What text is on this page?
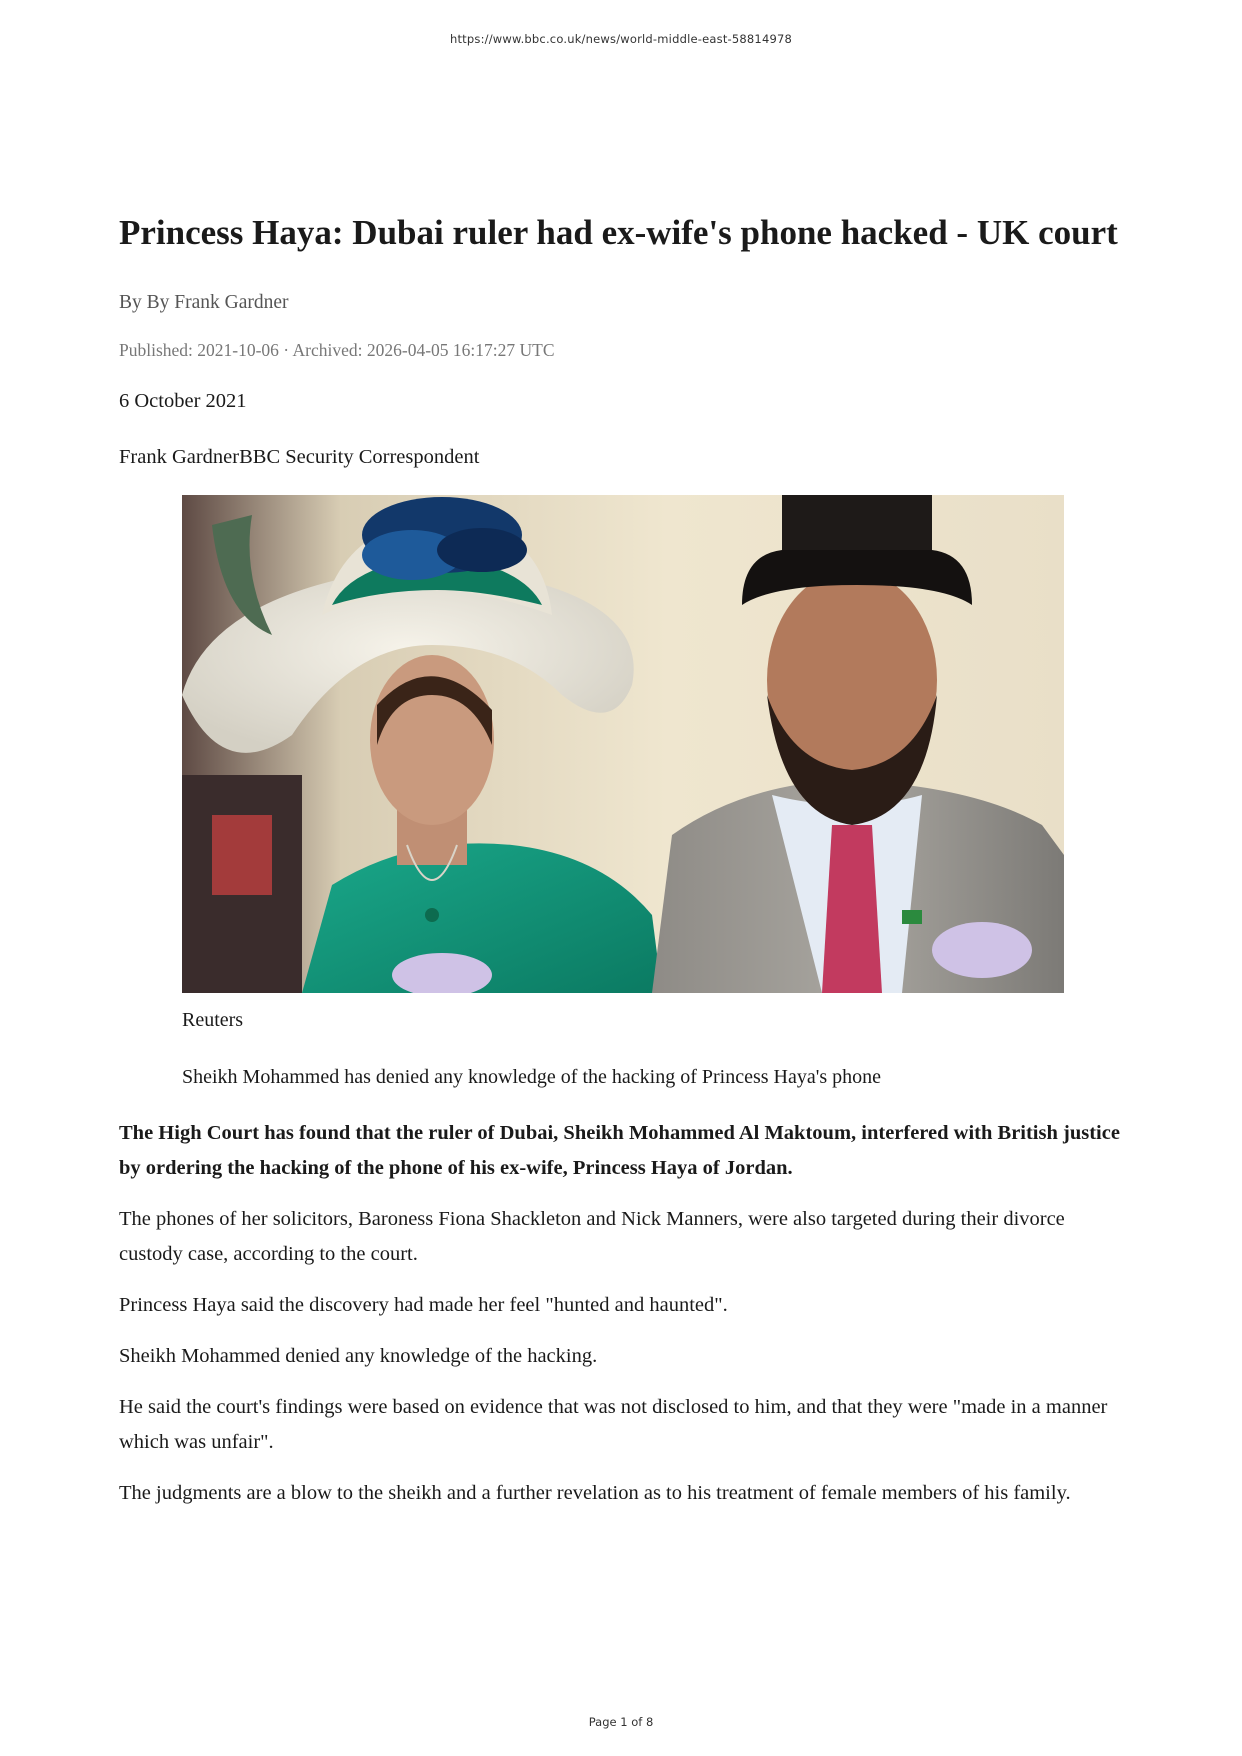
https://www.bbc.co.uk/news/world-middle-east-58814978
Princess Haya: Dubai ruler had ex-wife's phone hacked - UK court
By By Frank Gardner
Published: 2021-10-06 · Archived: 2026-04-05 16:17:27 UTC
6 October 2021
Frank GardnerBBC Security Correspondent
Reuters
Sheikh Mohammed has denied any knowledge of the hacking of Princess Haya's phone
The High Court has found that the ruler of Dubai, Sheikh Mohammed Al Maktoum, interfered with British justice by ordering the hacking of the phone of his ex-wife, Princess Haya of Jordan.

The phones of her solicitors, Baroness Fiona Shackleton and Nick Manners, were also targeted during their divorce custody case, according to the court.

Princess Haya said the discovery had made her feel "hunted and haunted".

Sheikh Mohammed denied any knowledge of the hacking.

He said the court's findings were based on evidence that was not disclosed to him, and that they were "made in a manner which was unfair".

The judgments are a blow to the sheikh and a further revelation as to his treatment of female members of his family.

Page 1 of 8
